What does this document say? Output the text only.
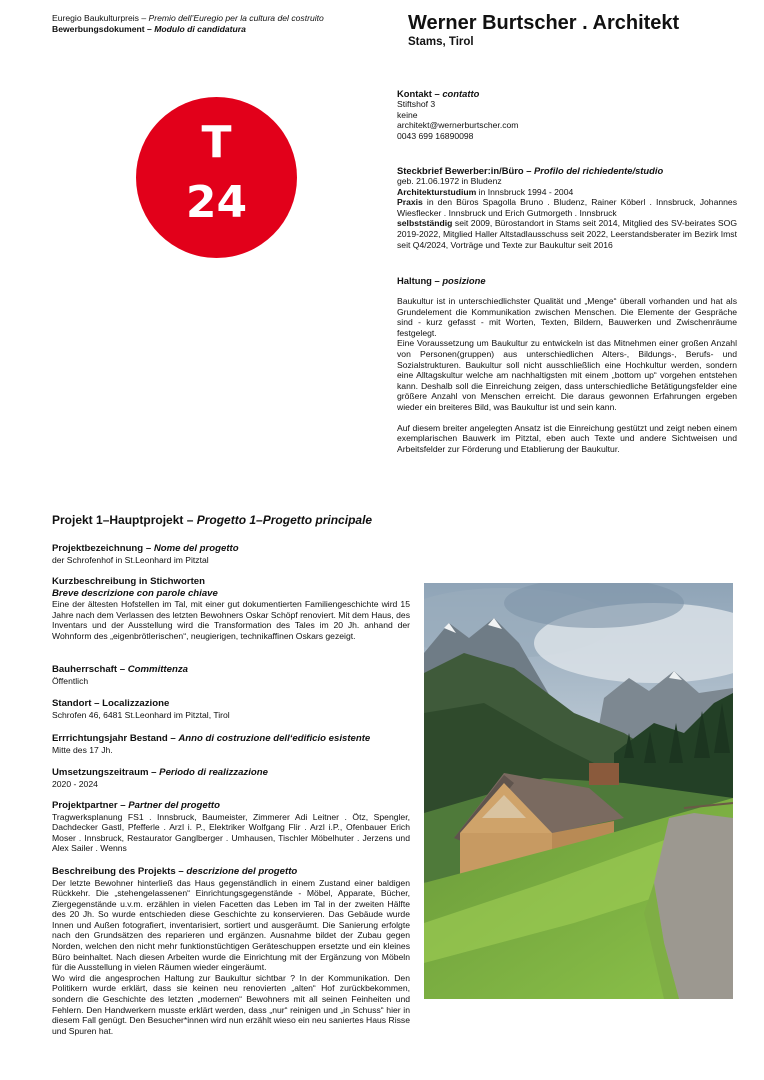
Euregio Baukulturpreis – Premio dell’Euregio per la cultura del costruito
Bewerbungsdokument – Modulo di candidatura	Werner Burtscher . Architekt
Stams, Tirol
T
24
Kontakt – contatto
Stiftshof 3
keine
architekt@wernerburtscher.com
0043 699 16890098
Steckbrief Bewerber:in/Büro – Profilo del richiedente/studio
geb. 21.06.1972 in Bludenz
Architekturstudium in Innsbruck 1994 - 2004
Praxis in den Büros Spagolla Bruno . Bludenz, Rainer Köberl . Innsbruck, Johannes Wiesflecker . Innsbruck und Erich Gutmorgeth . Innsbruck
selbstständig seit 2009, Bürostandort in Stams seit 2014, Mitglied des SV-beirates SOG 2019-2022, Mitglied Haller Altstadlausschuss seit 2022, Leerstandsberater im Bezirk Imst seit Q4/2024, Vorträge und Texte zur Baukultur seit 2016
Haltung – posizione
Baukultur ist in unterschiedlichster Qualität und „Menge“ überall vorhanden und hat als Grundelement die Kommunikation zwischen Menschen. Die Elemente der Gespräche sind - kurz gefasst - mit Worten, Texten, Bildern, Bauwerken und Zwischenräume festgelegt.
Eine Voraussetzung um Baukultur zu entwickeln ist das Mitnehmen einer großen Anzahl von Personen(gruppen) aus unterschiedlichen Alters-, Bildungs-, Berufs- und Sozialstrukturen. Baukultur soll nicht ausschließlich eine Hochkultur werden, sondern eine Alltagskultur welche am nachhaltigsten mit einem „bottom up“ vorgehen entstehen kann. Deshalb soll die Einreichung zeigen, dass unterschiedliche Betätigungsfelder eine größere Anzahl von Menschen erreicht. Die daraus gewonnen Erfahrungen ergeben wieder ein breiteres Bild, was Baukultur ist und sein kann.
Auf diesem breiter angelegten Ansatz ist die Einreichung gestützt und zeigt neben einem exemplarischen Bauwerk im Pitztal, eben auch Texte und andere Sichtweisen und Arbeitsfelder zur Förderung und Etablierung der Baukultur.
Projekt 1–Hauptprojekt – Progetto 1–Progetto principale
Projektbezeichnung – Nome del progetto
der Schrofenhof in St.Leonhard im Pitztal
Kurzbeschreibung in Stichworten
Breve descrizione con parole chiave
Eine der ältesten Hofstellen im Tal, mit einer gut dokumentierten Familiengeschichte wird 15 Jahre nach dem Verlassen des letzten Bewohners Oskar Schöpf renoviert. Mit dem Haus, des Inventars und der Ausstellung wird die Transformation des Tales im 20 Jh. anhand der Wohnform des „eigenbrötlerischen“, neugierigen, technikaffinen Oskars gezeigt.
Bauherrschaft – Committenza
Öffentlich
Standort – Localizzazione
Schrofen 46, 6481 St.Leonhard im Pitztal, Tirol
Errrichtungsjahr Bestand – Anno di costruzione dell‘edificio esistente
Mitte des 17 Jh.
Umsetzungszeitraum – Periodo di realizzazione
2020 - 2024
Projektpartner – Partner del progetto
Tragwerksplanung FS1 . Innsbruck, Baumeister, Zimmerer Adi Leitner . Ötz, Spengler, Dachdecker Gastl, Pfefferle . Arzl i. P., Elektriker Wolfgang Flir . Arzl i.P., Ofenbauer Erich Moser . Innsbruck, Restaurator Ganglberger . Umhausen, Tischler Möbelhuter . Jerzens und Alex Sailer . Wenns
Beschreibung des Projekts – descrizione del progetto
Der letzte Bewohner hinterließ das Haus gegenständlich in einem Zustand einer baldigen Rückkehr. Die „stehengelassenen“ Einrichtungsgegenstände - Möbel, Apparate, Bücher, Ziergegenstände u.v.m. erzählen in vielen Facetten das Leben im Tal in der zweiten Hälfte des 20 Jh. So wurde entschieden diese Geschichte zu konservieren. Das Gebäude wurde Innen und Außen fotografiert, inventarisiert, sortiert und ausgeräumt. Die Sanierung erfolgte nach den Grundsätzen des reparieren und ergänzen. Ausnahme bildet der Zubau gegen Norden, welchen den nicht mehr funktionstüchtigen Geräteschuppen ersetzte und ein kleines Büro beinhaltet. Nach diesen Arbeiten wurde die Einrichtung mit der Ergänzung von Möbeln für die Ausstellung in vielen Räumen wieder eingeräumt.
Wo wird die angesprochen Haltung zur Baukultur sichtbar ? In der Kommunikation. Den Politikern wurde erklärt, dass sie keinen neu renovierten „alten“ Hof zurückbekommen, sondern die Geschichte des letzten „modernen“ Bewohners mit all seinen Feinheiten und Fehlern. Den Handwerkern musste erklärt werden, dass „nur“ reinigen und „in Schuss“ hier in diesem Fall genügt. Den Besucher*innen wird nun erzählt wieso ein neu saniertes Haus Risse und Spuren hat.
